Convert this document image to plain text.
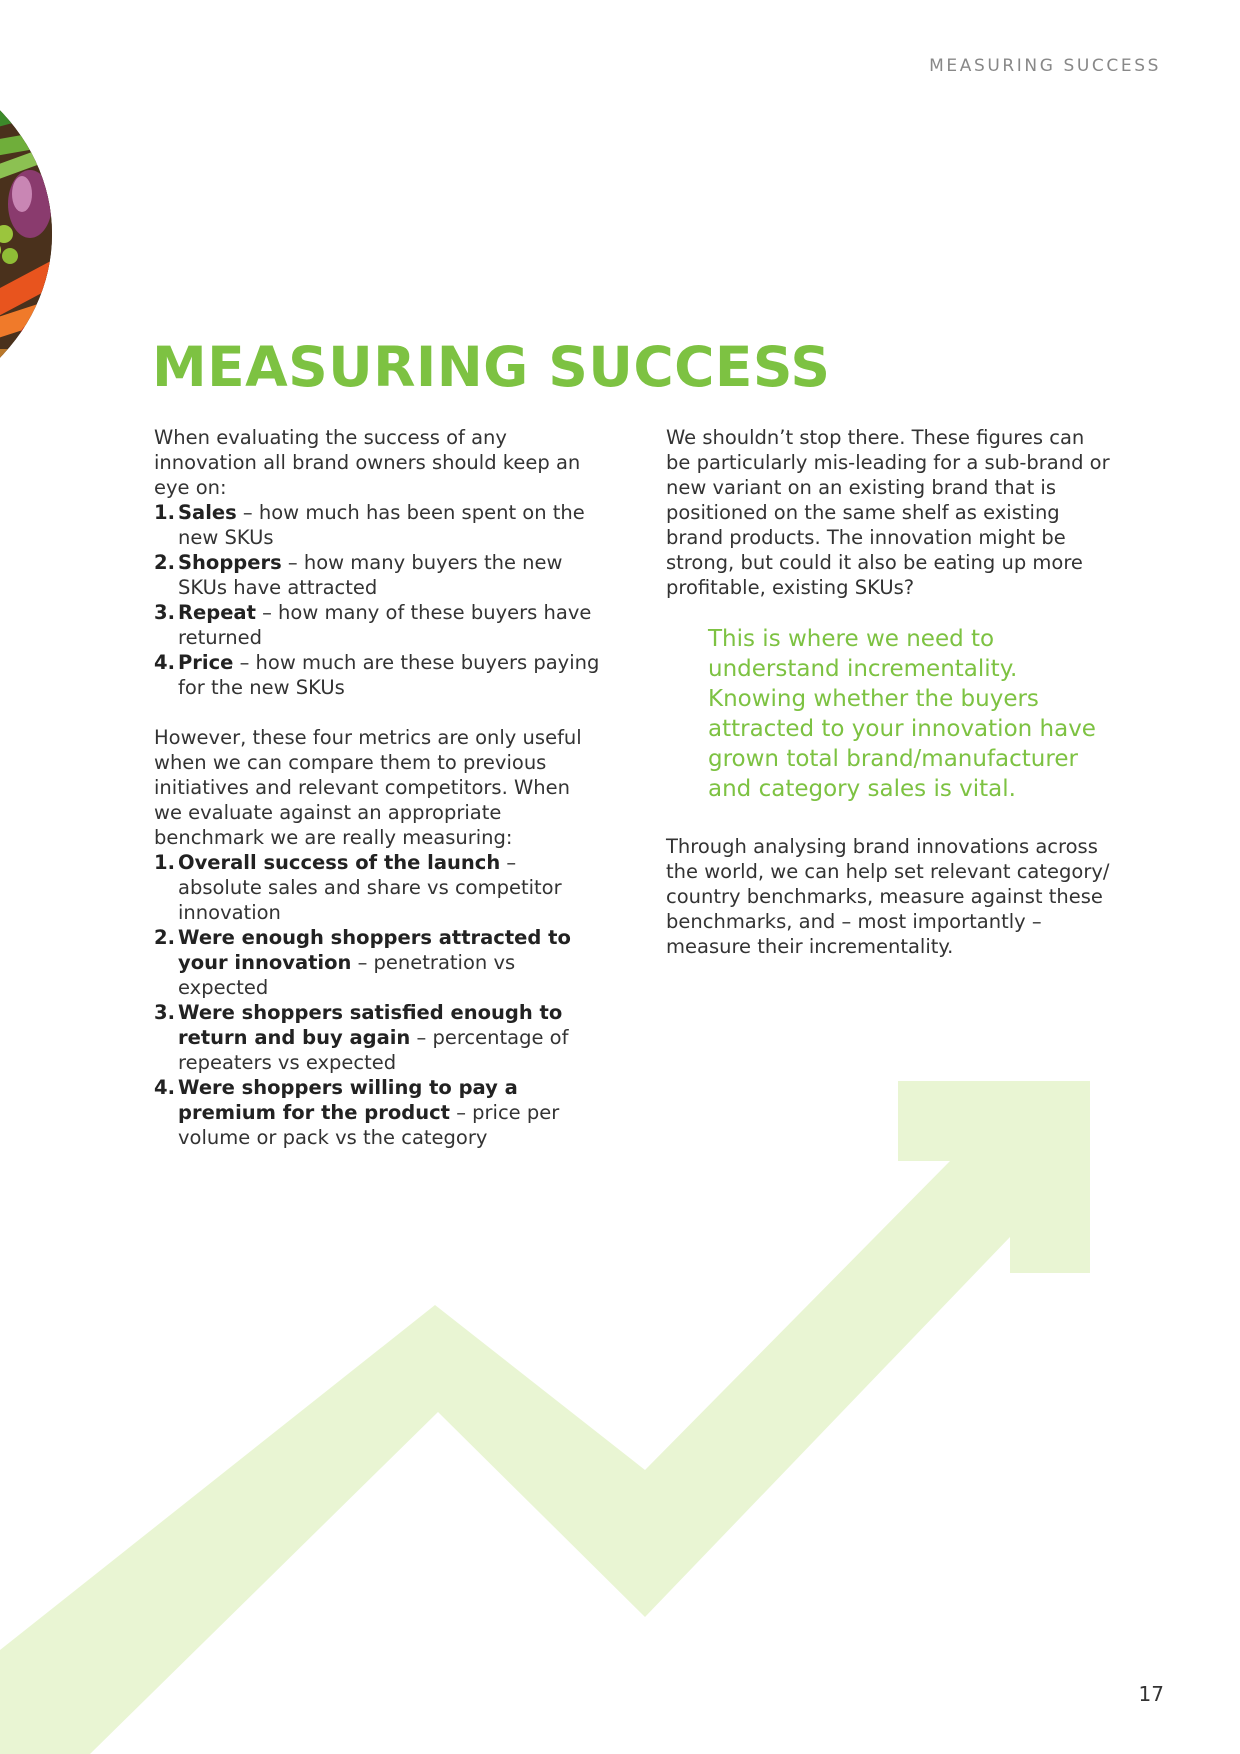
MEASURING SUCCESS
MEASURING SUCCESS

When evaluating the success of any innovation all brand owners should keep an eye on:

1. Sales – how much has been spent on the new SKUs
2. Shoppers – how many buyers the new SKUs have attracted
3. Repeat – how many of these buyers have returned
4. Price – how much are these buyers paying for the new SKUs

However, these four metrics are only useful when we can compare them to previous initiatives and relevant competitors. When we evaluate against an appropriate benchmark we are really measuring:

1. Overall success of the launch – absolute sales and share vs competitor innovation
2. Were enough shoppers attracted to your innovation – penetration vs expected
3. Were shoppers satisfied enough to return and buy again – percentage of repeaters vs expected
4. Were shoppers willing to pay a premium for the product – price per volume or pack vs the category

We shouldn’t stop there. These figures can be particularly mis-leading for a sub-brand or new variant on an existing brand that is positioned on the same shelf as existing brand products. The innovation might be strong, but could it also be eating up more profitable, existing SKUs?

This is where we need to understand incrementality. Knowing whether the buyers attracted to your innovation have grown total brand/manufacturer and category sales is vital.

Through analysing brand innovations across the world, we can help set relevant category/ country benchmarks, measure against these benchmarks, and – most importantly – measure their incrementality.

17
